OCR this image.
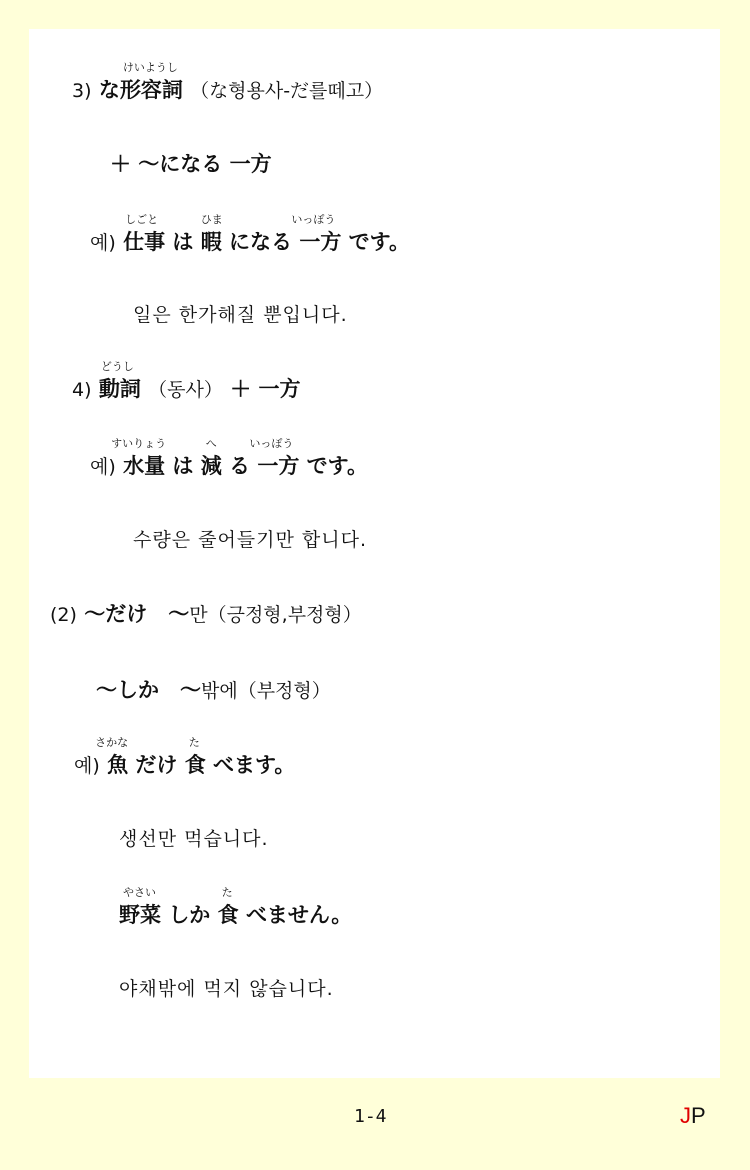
3)
けいようし
な形容詞 （な형용사-だ를떼고）
＋ ～になる 一方
예)
しごと
仕事 は
ひま
暇 になる
いっぽう
一方 です。
일은 한가해질 뿐입니다.
4)
どうし
動詞 （동사） ＋ 一方
예)
すいりょう
水量 は
へ
減 る
いっぽう
一方 です。
수량은 줄어들기만 합니다.
(2) ～だけ　～만（긍정형,부정형）
～しか　～밖에（부정형）
예)
さかな
魚 だけ
た
食 べます。
생선만 먹습니다.
やさい
野菜 しか
た
食 べません。
야채밖에 먹지 않습니다.
1-4	JP
